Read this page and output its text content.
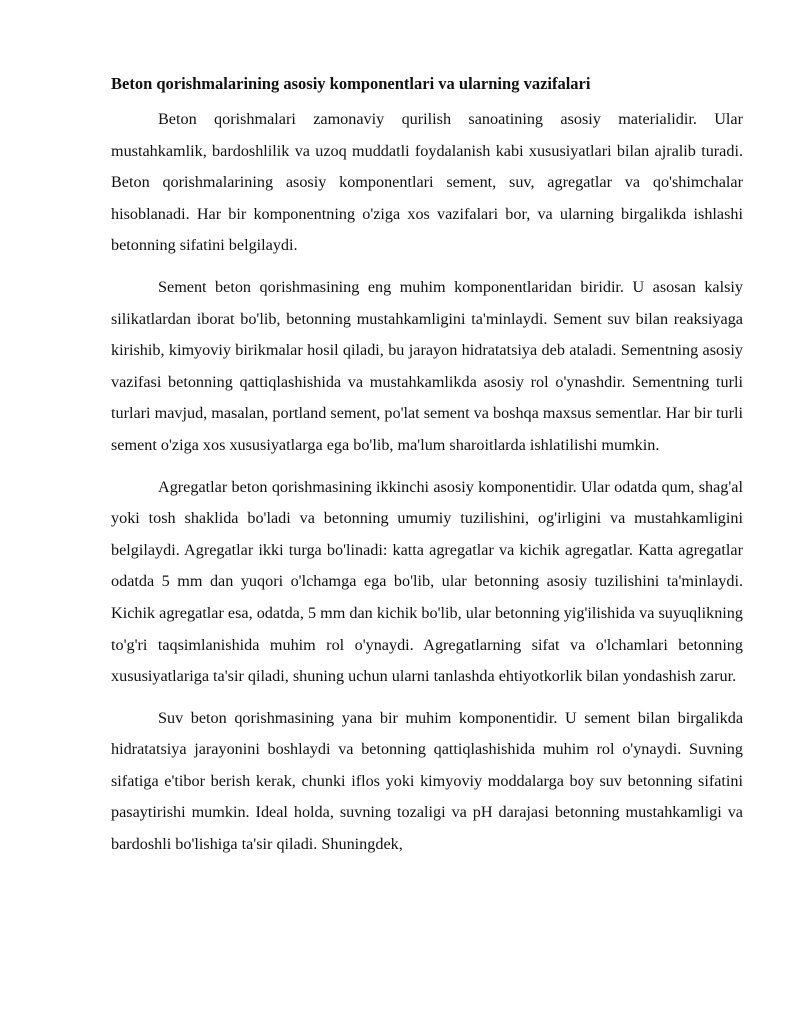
Beton qorishmalarining asosiy komponentlari va ularning vazifalari

Beton qorishmalari zamonaviy qurilish sanoatining asosiy materialidir. Ular mustahkamlik, bardoshlilik va uzoq muddatli foydalanish kabi xususiyatlari bilan ajralib turadi. Beton qorishmalarining asosiy komponentlari sement, suv, agregatlar va qo'shimchalar hisoblanadi. Har bir komponentning o'ziga xos vazifalari bor, va ularning birgalikda ishlashi betonning sifatini belgilaydi.

Sement beton qorishmasining eng muhim komponentlaridan biridir. U asosan kalsiy silikatlardan iborat bo'lib, betonning mustahkamligini ta'minlaydi. Sement suv bilan reaksiyaga kirishib, kimyoviy birikmalar hosil qiladi, bu jarayon hidratatsiya deb ataladi. Sementning asosiy vazifasi betonning qattiqlashishida va mustahkamlikda asosiy rol o'ynashdir. Sementning turli turlari mavjud, masalan, portland sement, po'lat sement va boshqa maxsus sementlar. Har bir turli sement o'ziga xos xususiyatlarga ega bo'lib, ma'lum sharoitlarda ishlatilishi mumkin.

Agregatlar beton qorishmasining ikkinchi asosiy komponentidir. Ular odatda qum, shag'al yoki tosh shaklida bo'ladi va betonning umumiy tuzilishini, og'irligini va mustahkamligini belgilaydi. Agregatlar ikki turga bo'linadi: katta agregatlar va kichik agregatlar. Katta agregatlar odatda 5 mm dan yuqori o'lchamga ega bo'lib, ular betonning asosiy tuzilishini ta'minlaydi. Kichik agregatlar esa, odatda, 5 mm dan kichik bo'lib, ular betonning yig'ilishida va suyuqlikning to'g'ri taqsimlanishida muhim rol o'ynaydi. Agregatlarning sifat va o'lchamlari betonning xususiyatlariga ta'sir qiladi, shuning uchun ularni tanlashda ehtiyotkorlik bilan yondashish zarur.

Suv beton qorishmasining yana bir muhim komponentidir. U sement bilan birgalikda hidratatsiya jarayonini boshlaydi va betonning qattiqlashishida muhim rol o'ynaydi. Suvning sifatiga e'tibor berish kerak, chunki iflos yoki kimyoviy moddalarga boy suv betonning sifatini pasaytirishi mumkin. Ideal holda, suvning tozaligi va pH darajasi betonning mustahkamligi va bardoshli bo'lishiga ta'sir qiladi. Shuningdek,
